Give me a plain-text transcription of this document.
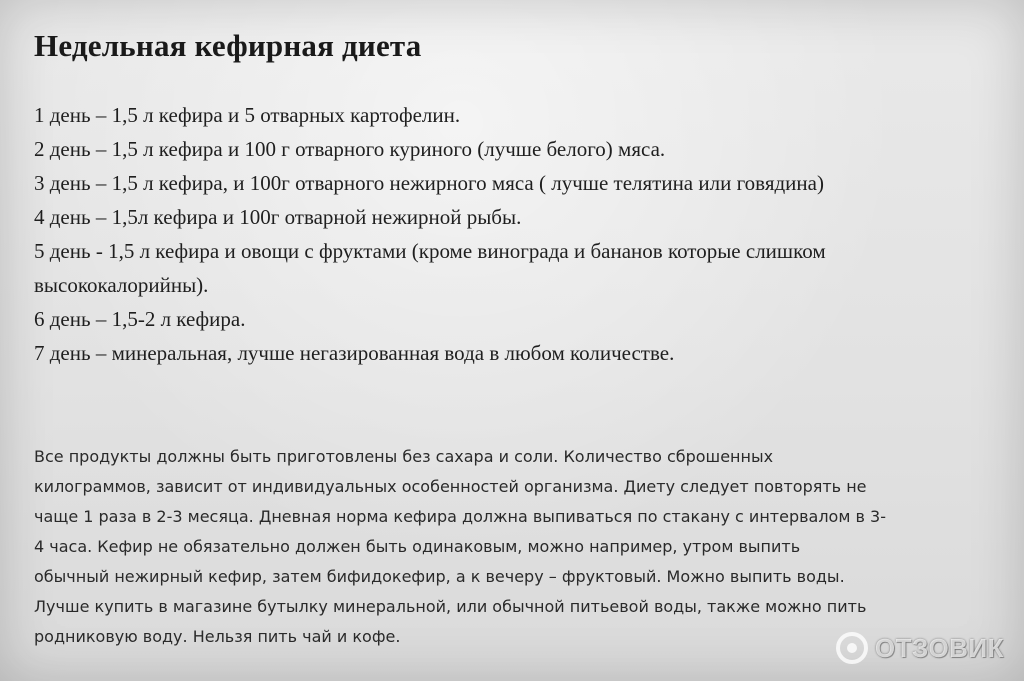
Недельная кефирная диета
1 день – 1,5 л кефира и 5 отварных картофелин.
2 день – 1,5 л кефира и 100 г отварного куриного (лучше белого) мяса.
3 день – 1,5 л кефира, и 100г отварного нежирного мяса ( лучше телятина или говядина)
4 день – 1,5л кефира и 100г отварной нежирной рыбы.
5 день - 1,5 л кефира и овощи с фруктами (кроме винограда и бананов которые слишком
высококалорийны).
6 день – 1,5-2 л кефира.
7 день – минеральная, лучше негазированная вода в любом количестве.

Все продукты должны быть приготовлены без сахара и соли. Количество сброшенных
килограммов, зависит от индивидуальных особенностей организма. Диету следует повторять не
чаще 1 раза в 2-3 месяца. Дневная норма кефира должна выпиваться по стакану с интервалом в 3-
4 часа. Кефир не обязательно должен быть одинаковым, можно например, утром выпить
обычный нежирный кефир, затем бифидокефир, а к вечеру – фруктовый. Можно выпить воды.
Лучше купить в магазине бутылку минеральной, или обычной питьевой воды, также можно пить
родниковую воду. Нельзя пить чай и кофе.	ОТЗОВИК
